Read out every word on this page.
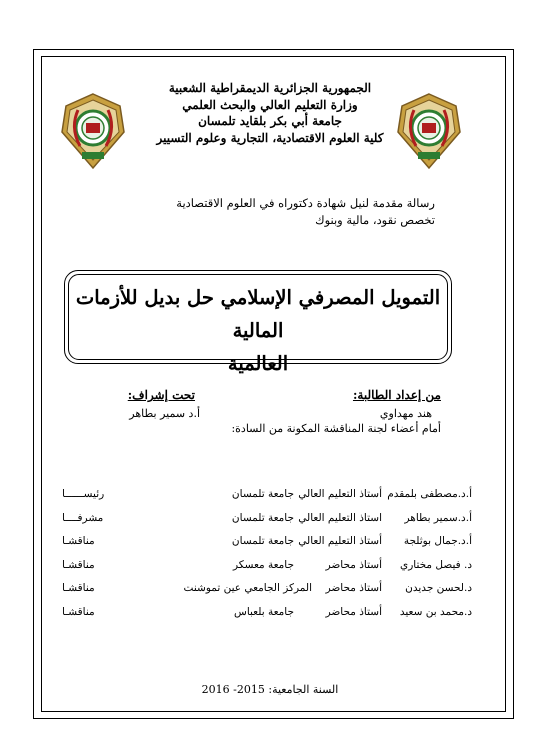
الجمهورية الجزائرية الديمقراطية الشعبية
وزارة التعليم العالي والبحث العلمي
جامعة أبي بكر بلقايد تلمسان
كلية العلوم الاقتصادية، التجارية وعلوم التسيير
رسالة مقدمة لنيل شهادة دكتوراه في العلوم الاقتصادية
تخصص نقود، مالية وبنوك
التمويل المصرفي الإسلامي حل بديل للأزمات المالية
العالمية
من إعداد الطالبة:
هند مهداوي
تحت إشراف:
أ.د سمير بطاهر
أمام أعضاء لجنة المناقشة المكونة من السادة:
أ.د.مصطفى بلمقدم
أستاذ التعليم العالي
جامعة تلمسان
رئيســــــا
أ.د.سمير بطاهر
استاذ التعليم العالي
جامعة تلمسان
مشرفــــا
أ.د.جمال بوثلجة
أستاذ التعليم العالي
جامعة تلمسان
مناقشـا
د. فيصل مختاري
أستاذ محاضر
جامعة معسكر
مناقشـا
د.لحسن جديدن
أستاذ محاضر
المركز الجامعي عين تموشنت
مناقشـا
د.محمد بن سعيد
أستاذ محاضر
جامعة بلعباس
مناقشـا
السنة الجامعية: 2015- 2016
